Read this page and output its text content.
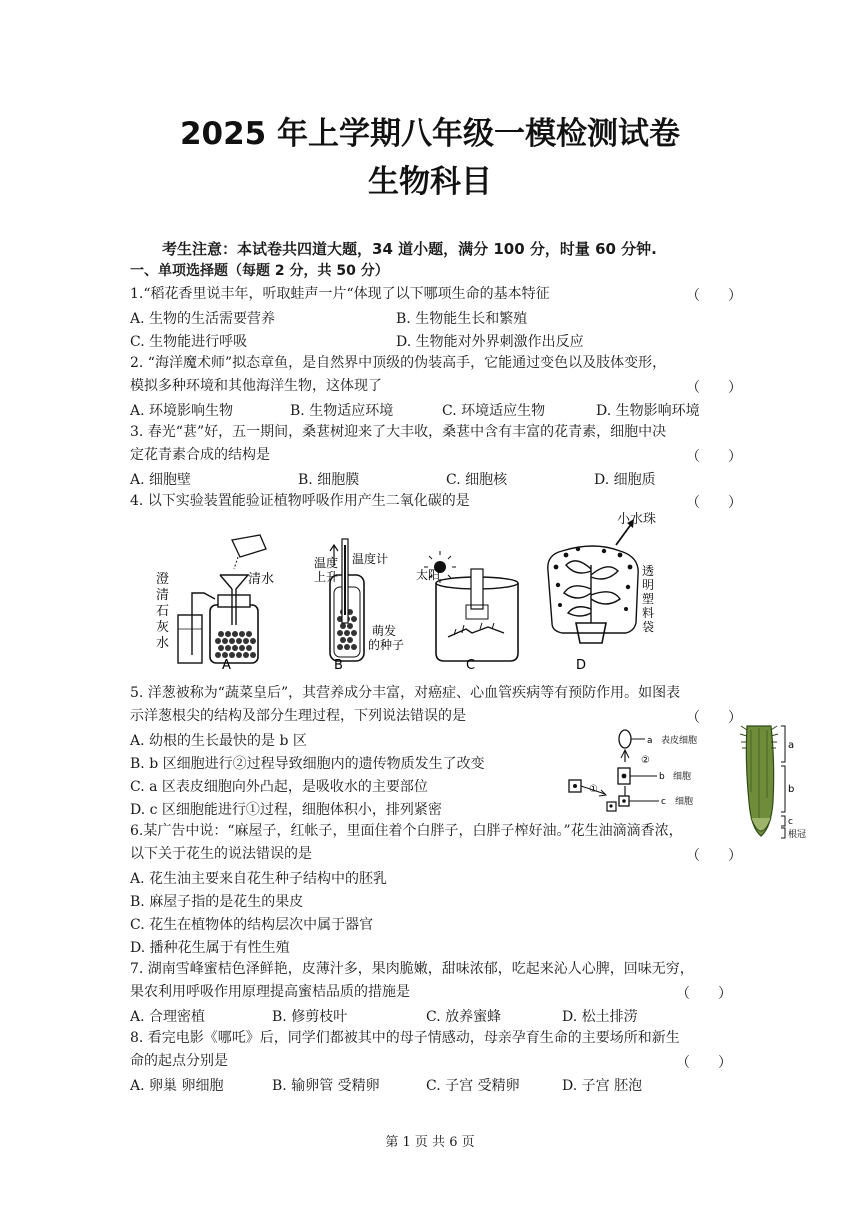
2025 年上学期八年级一模检测试卷
生物科目
考生注意：本试卷共四道大题，34 道小题，满分 100 分，时量 60 分钟.
一、单项选择题（每题 2 分，共 50 分）
1.“稻花香里说丰年，听取蛙声一片“体现了以下哪项生命的基本特征	（　　）
A. 生物的生活需要营养	B. 生物能生长和繁殖
C. 生物能进行呼吸	D. 生物能对外界刺激作出反应
2. “海洋魔术师”拟态章鱼，是自然界中顶级的伪装高手，它能通过变色以及肢体变形，
模拟多种环境和其他海洋生物，这体现了	（　　）
A. 环境影响生物	B. 生物适应环境	C. 环境适应生物	D. 生物影响环境
3. 春光“葚”好，五一期间，桑葚树迎来了大丰收，桑葚中含有丰富的花青素，细胞中决
定花青素合成的结构是	（　　）
A. 细胞壁	B. 细胞膜	C. 细胞核	D. 细胞质
4. 以下实验装置能验证植物呼吸作用产生二氧化碳的是	（　　）
澄
清
石
灰
水
清水
A
温度
上升
温度计
萌发
的种子
B
太阳
C
透
明
塑
料
袋
D
小水珠
5. 洋葱被称为“蔬菜皇后”，其营养成分丰富，对癌症、心血管疾病等有预防作用。如图表
示洋葱根尖的结构及部分生理过程，下列说法错误的是	（　　）
A. 幼根的生长最快的是 b 区
B. b 区细胞进行②过程导致细胞内的遗传物质发生了改变
C. a 区表皮细胞向外凸起，是吸收水的主要部位
D. c 区细胞能进行①过程，细胞体积小，排列紧密
②
①
a 表皮细胞
b 细胞
c 细胞
a
b
c
根冠
6.某广告中说：“麻屋子，红帐子，里面住着个白胖子，白胖子榨好油。”花生油滴滴香浓，
以下关于花生的说法错误的是	（　　）
A. 花生油主要来自花生种子结构中的胚乳
B. 麻屋子指的是花生的果皮
C. 花生在植物体的结构层次中属于器官
D. 播种花生属于有性生殖
7. 湖南雪峰蜜桔色泽鲜艳，皮薄汁多，果肉脆嫩，甜味浓郁，吃起来沁人心脾，回味无穷，
果农利用呼吸作用原理提高蜜桔品质的措施是	（　　）
A. 合理密植	B. 修剪枝叶	C. 放养蜜蜂	D. 松土排涝
8. 看完电影《哪吒》后，同学们都被其中的母子情感动，母亲孕育生命的主要场所和新生
命的起点分别是	（　　）
A. 卵巢 卵细胞	B. 输卵管 受精卵	C. 子宫 受精卵	D. 子宫 胚泡
第 1 页 共 6 页
